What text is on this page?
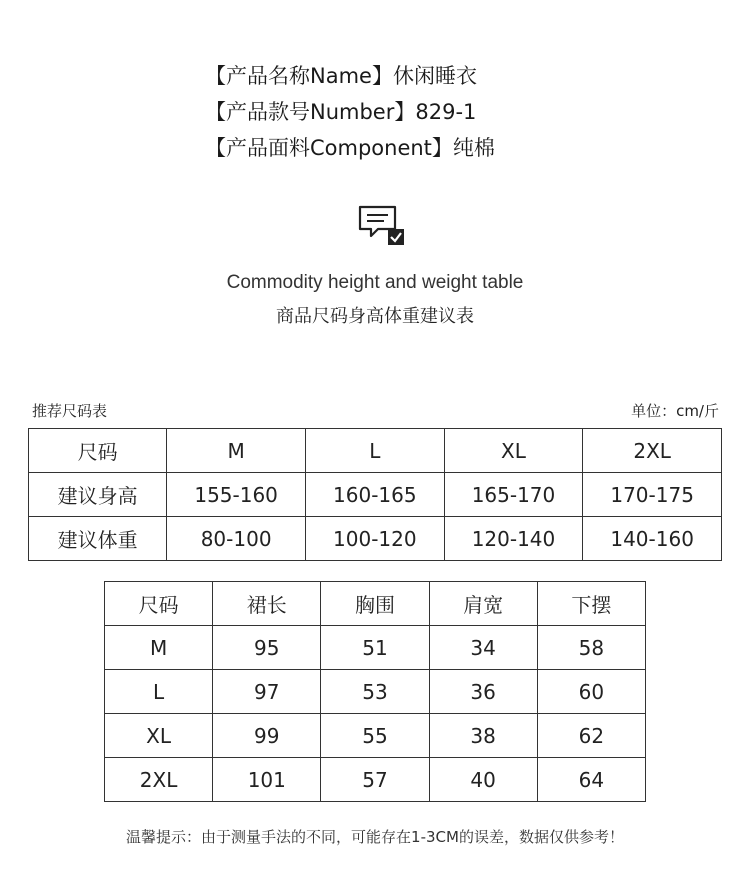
【产品名称Name】休闲睡衣
【产品款号Number】829-1
【产品面料Component】纯棉
Commodity height and weight table
商品尺码身高体重建议表
推荐尺码表	单位：cm/斤
尺码	M	L	XL	2XL
建议身高	155-160	160-165	165-170	170-175
建议体重	80-100	100-120	120-140	140-160
尺码	裙长	胸围	肩宽	下摆
M	95	51	34	58
L	97	53	36	60
XL	99	55	38	62
2XL	101	57	40	64
温馨提示：由于测量手法的不同，可能存在1-3CM的误差，数据仅供参考！
